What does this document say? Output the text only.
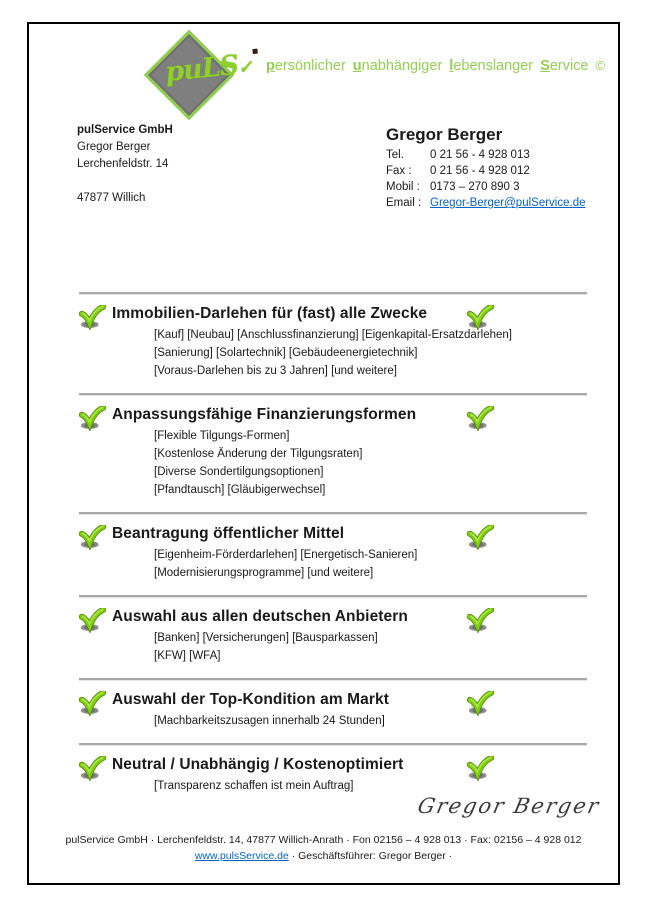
puLS✓ persönlicher unabhängiger lebenslanger Service ©
pulService GmbH
Gregor Berger
Lerchenfeldstr. 14
47877 Willich
Gregor Berger
Tel.	0 21 56 - 4 928 013
Fax :	0 21 56 - 4 928 012
Mobil : 0173 – 270 890 3
Email : Gregor-Berger@pulService.de
Immobilien-Darlehen für (fast) alle Zwecke
[Kauf] [Neubau] [Anschlussfinanzierung] [Eigenkapital-Ersatzdarlehen]
[Sanierung] [Solartechnik] [Gebäudeenergietechnik]
[Voraus-Darlehen bis zu 3 Jahren] [und weitere]
Anpassungsfähige Finanzierungsformen
[Flexible Tilgungs-Formen]
[Kostenlose Änderung der Tilgungsraten]
[Diverse Sondertilgungsoptionen]
[Pfandtausch] [Gläubigerwechsel]
Beantragung öffentlicher Mittel
[Eigenheim-Förderdarlehen] [Energetisch-Sanieren]
[Modernisierungsprogramme] [und weitere]
Auswahl aus allen deutschen Anbietern
[Banken] [Versicherungen] [Bausparkassen]
[KFW] [WFA]
Auswahl der Top-Kondition am Markt
[Machbarkeitszusagen innerhalb 24 Stunden]
Neutral / Unabhängig / Kostenoptimiert
[Transparenz schaffen ist mein Auftrag]
Gregor Berger
pulService GmbH · Lerchenfeldstr. 14, 47877 Willich-Anrath · Fon 02156 – 4 928 013 · Fax: 02156 – 4 928 012
www.pulsService.de · Geschäftsführer: Gregor Berger ·
